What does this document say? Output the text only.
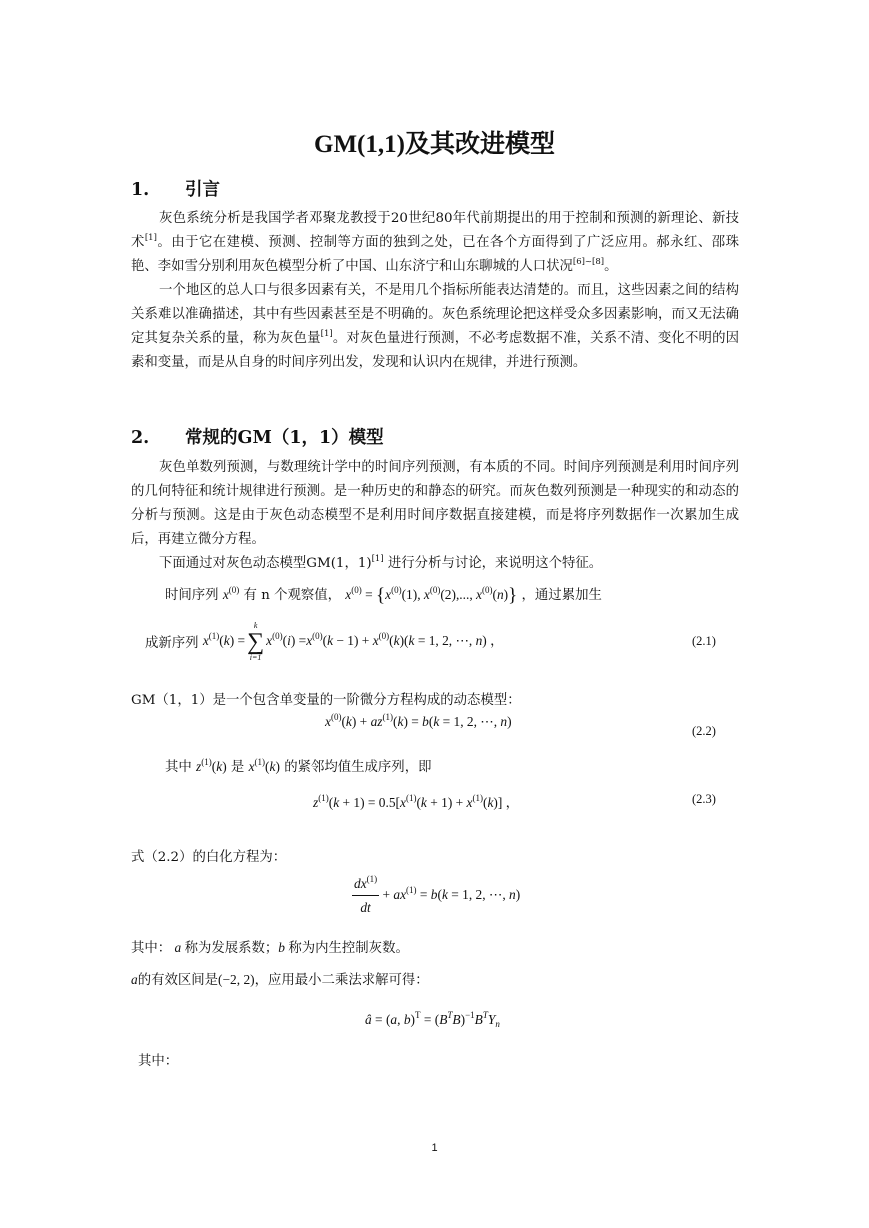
GM(1,1)及其改进模型
1. 引言

灰色系统分析是我国学者邓聚龙教授于20世纪80年代前期提出的用于控制和预测的新理论、新技术[1]。由于它在建模、预测、控制等方面的独到之处，已在各个方面得到了广泛应用。郝永红、邵珠艳、李如雪分别利用灰色模型分析了中国、山东济宁和山东聊城的人口状况[6]~[8]。

一个地区的总人口与很多因素有关，不是用几个指标所能表达清楚的。而且，这些因素之间的结构关系难以准确描述，其中有些因素甚至是不明确的。灰色系统理论把这样受众多因素影响，而又无法确定其复杂关系的量，称为灰色量[1]。对灰色量进行预测，不必考虑数据不准，关系不清、变化不明的因素和变量，而是从自身的时间序列出发，发现和认识内在规律，并进行预测。

2. 常规的GM（1，1）模型

灰色单数列预测，与数理统计学中的时间序列预测，有本质的不同。时间序列预测是利用时间序列的几何特征和统计规律进行预测。是一种历史的和静态的研究。而灰色数列预测是一种现实的和动态的分析与预测。这是由于灰色动态模型不是利用时间序数据直接建模，而是将序列数据作一次累加生成后，再建立微分方程。

下面通过对灰色动态模型GM(1，1)[1] 进行分析与讨论，来说明这个特征。

时间序列 $x^{(0)}$ 有 n 个观察值， $x^{(0)} = \{x^{(0)}(1)$, $x^{(0)}(2)$,..., $x^{(0)}(n)$} ，通过累加生
成新序列 $x^{(1)}(k)$ =
k
∑
i=1
$x^{(0)}(i) =x^{(0)}(k - 1) + x^{(0)}(k)(k = 1$, 2, ⋯, n) ，	(2.1)
GM（1，1）是一个包含单变量的一阶微分方程构成的动态模型：
$x^{(0)}(k) + az^{(1)}(k) = b(k = 1$, 2, ⋯, n)
(2.2)
其中 $z^{(1)}(k)$ 是 $x^{(1)}(k)$ 的紧邻均值生成序列，即
$z^{(1)}(k + 1) = 0.5[x^{(1)}(k + 1) + x^{(1)}(k)]$ ，	(2.3)
式（2.2）的白化方程为：
$\frac{dx^{(1)}}{dt} + ax^{(1)} = b(k = 1$, 2, ⋯, n)
其中： a 称为发展系数；b 称为内生控制灰数。
a的有效区间是(−2, 2)，应用最小二乘法求解可得：
â = (a, $b)^T = (B^TB)^{-1}B^TY_n$
其中：
1
